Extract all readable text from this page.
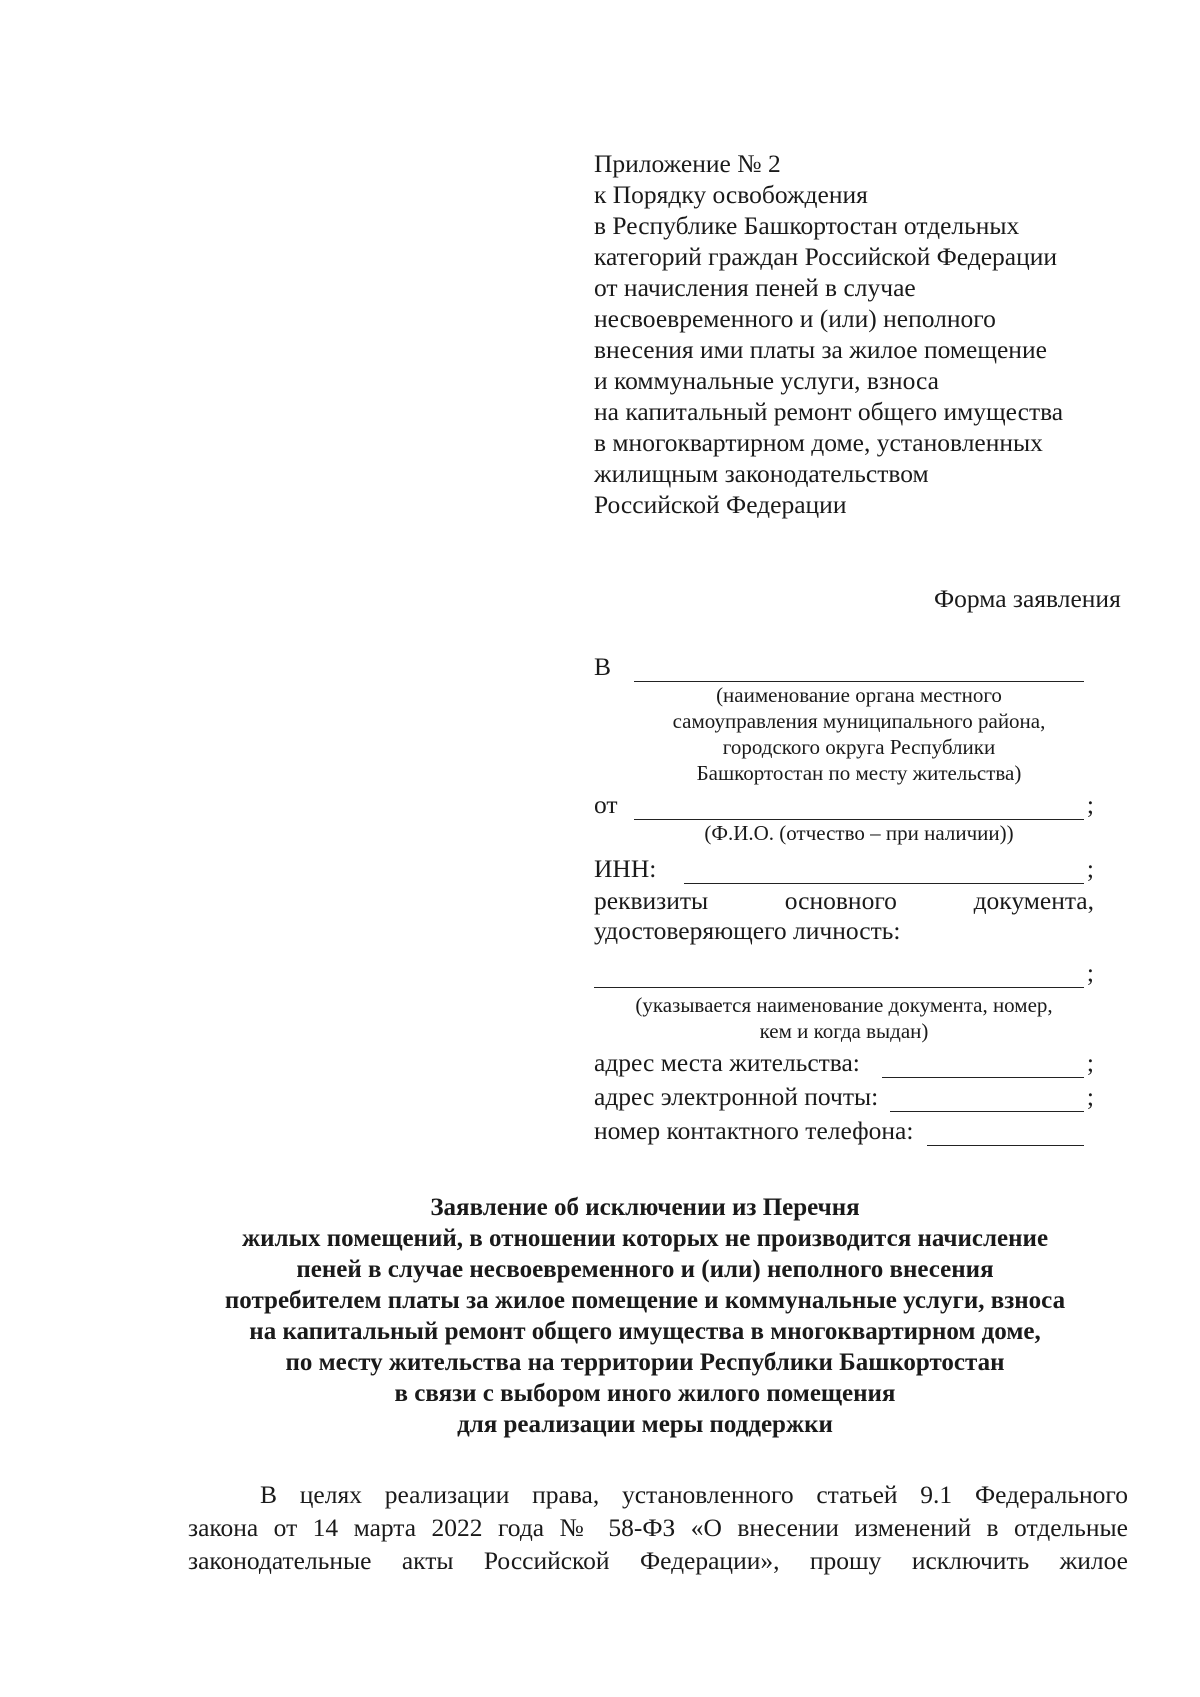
Приложение № 2
к Порядку освобождения
в Республике Башкортостан отдельных
категорий граждан Российской Федерации
от начисления пеней в случае
несвоевременного и (или) неполного
внесения ими платы за жилое помещение
и коммунальные услуги, взноса
на капитальный ремонт общего имущества
в многоквартирном доме, установленных
жилищным законодательством
Российской Федерации
Форма заявления
В
(наименование органа местного
самоуправления муниципального района,
городского округа Республики
Башкортостан по месту жительства)
от	;
(Ф.И.О. (отчество – при наличии))
ИНН:	;
реквизиты	основного	документа,
удостоверяющего личность:
;
(указывается наименование документа, номер,
кем и когда выдан)
адрес места жительства:	;
адрес электронной почты:	;
номер контактного телефона:
Заявление об исключении из Перечня
жилых помещений, в отношении которых не производится начисление
пеней в случае несвоевременного и (или) неполного внесения
потребителем платы за жилое помещение и коммунальные услуги, взноса
на капитальный ремонт общего имущества в многоквартирном доме,
по месту жительства на территории Республики Башкортостан
в связи с выбором иного жилого помещения
для реализации меры поддержки
В целях реализации права, установленного статьей 9.1 Федерального
закона от 14 марта 2022 года № 58-ФЗ «О внесении изменений в отдельные
законодательные акты Российской Федерации», прошу исключить жилое
